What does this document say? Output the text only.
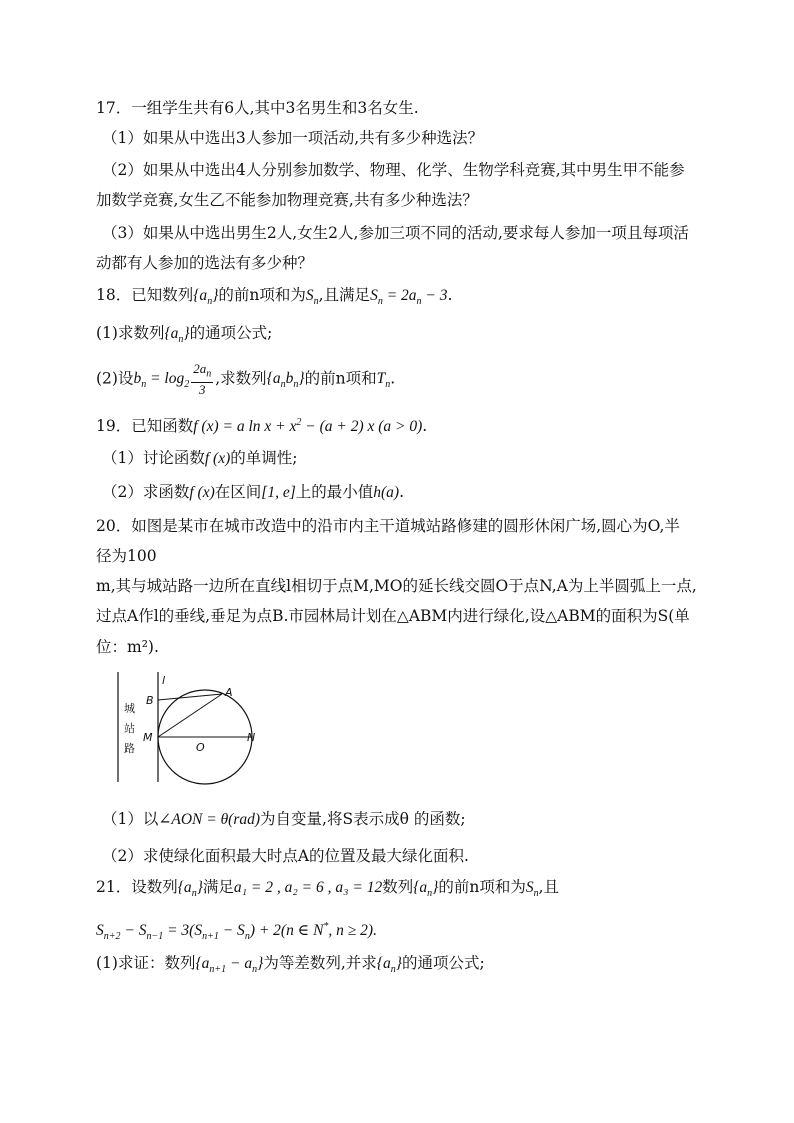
17．一组学生共有6人,其中3名男生和3名女生.
（1）如果从中选出3人参加一项活动,共有多少种选法？
（2）如果从中选出4人分别参加数学、物理、化学、生物学科竞赛,其中男生甲不能参
加数学竞赛,女生乙不能参加物理竞赛,共有多少种选法？
（3）如果从中选出男生2人,女生2人,参加三项不同的活动,要求每人参加一项且每项活
动都有人参加的选法有多少种？
18．已知数列$\{a_n\}$的前n项和为$S_n$,且满足$S_n = 2a_n - 3$.
(1)求数列$\{a_n\}$的通项公式;
(2)设$b_n = \log_2 \frac{2a_n}{3}$ ,求数列$\{a_nb_n\}$的前n项和$T_n$.
19．已知函数f (x) = a $\ln x + x^2 - (a + 2)$ x (a > 0).
（1）讨论函数f (x)的单调性;
（2）求函数f (x)在区间[1, e]上的最小值h(a).
20．如图是某市在城市改造中的沿市内主干道城站路修建的圆形休闲广场,圆心为O,半
径为100
m,其与城站路一边所在直线l相切于点M,MO的延长线交圆O于点N,A为上半圆弧上一点,
过点A作l的垂线,垂足为点B.市园林局计划在△ABM内进行绿化,设△ABM的面积为S(单
位：m²).
城
站
路
l
A
B
M
O
N
（1）以∠AON = θ(rad)为自变量,将S表示成θ 的函数;
（2）求使绿化面积最大时点A的位置及最大绿化面积.
21．设数列$\{a_n\}$满足a₁ = 2 , a₂ = 6 , a₃ = 12数列$\{a_n\}$的前n项和为$S_n$,且
$S_{n+2} - S_{n-1} = 3(S_{n+1} - S_n) + 2(n$ ∈ N*, n ≥ 2).
(1)求证：数列$\{a_{n+1} - a_n\}$为等差数列,并求$\{a_n\}$的通项公式;
